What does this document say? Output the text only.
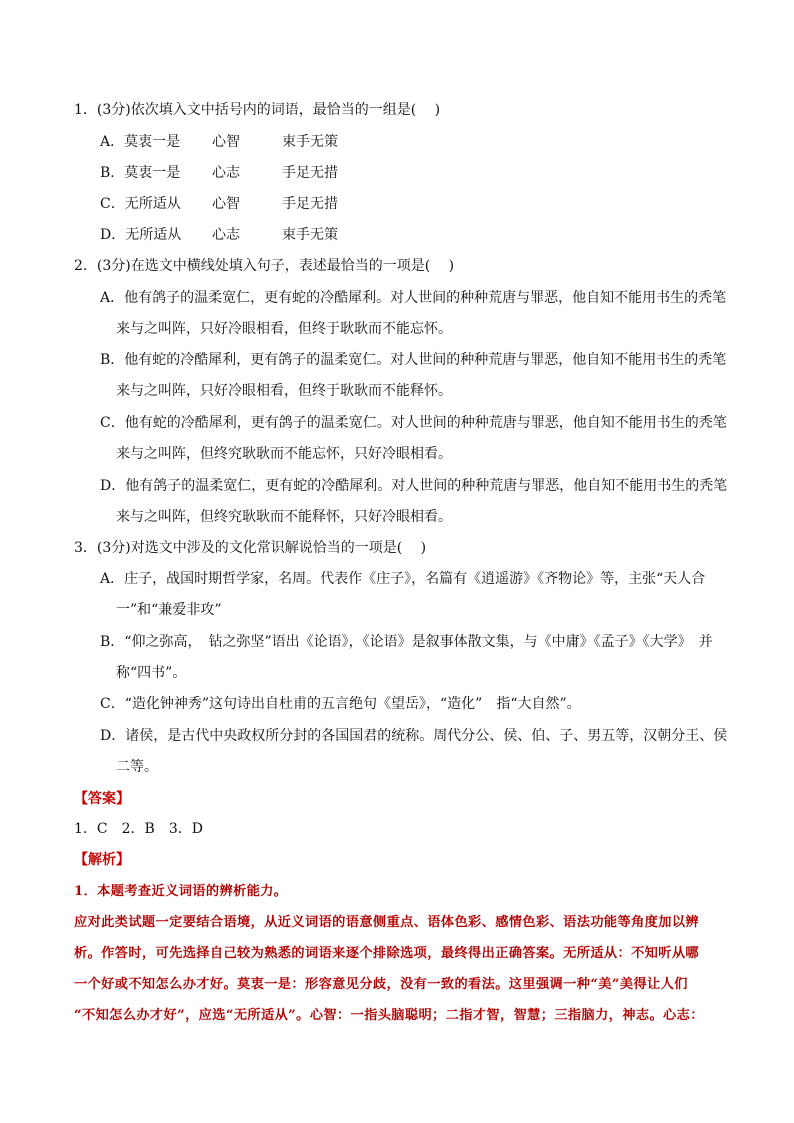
1．(3分)依次填入文中括号内的词语，最恰当的一组是(　 )
A．莫衷一是 心智	束手无策
B．莫衷一是 心志	手足无措
C．无所适从 心智	手足无措
D．无所适从 心志	束手无策
2．(3分)在选文中横线处填入句子，表述最恰当的一项是(　 )
A．他有鸽子的温柔宽仁，更有蛇的冷酷犀利。对人世间的种种荒唐与罪恶，他自知不能用书生的秃笔
来与之叫阵，只好冷眼相看，但终于耿耿而不能忘怀。
B．他有蛇的冷酷犀利，更有鸽子的温柔宽仁。对人世间的种种荒唐与罪恶，他自知不能用书生的秃笔
来与之叫阵，只好冷眼相看，但终于耿耿而不能释怀。
C．他有蛇的冷酷犀利，更有鸽子的温柔宽仁。对人世间的种种荒唐与罪恶，他自知不能用书生的秃笔
来与之叫阵，但终究耿耿而不能忘怀，只好冷眼相看。
D．他有鸽子的温柔宽仁，更有蛇的冷酷犀利。对人世间的种种荒唐与罪恶，他自知不能用书生的秃笔
来与之叫阵，但终究耿耿而不能释怀，只好冷眼相看。
3．(3分)对选文中涉及的文化常识解说恰当的一项是(　 )
A．庄子，战国时期哲学家，名周。代表作《庄子》，名篇有《逍遥游》《齐物论》等，主张“天人合
一”和“兼爱非攻”
B．“仰之弥高，　钻之弥坚”语出《论语》，《论语》是叙事体散文集，与《中庸》《孟子》《大学》　并
称“四书”。
C．“造化钟神秀”这句诗出自杜甫的五言绝句《望岳》，“造化”　指“大自然”。
D．诸侯，是古代中央政权所分封的各国国君的统称。周代分公、侯、伯、子、男五等，汉朝分王、侯
二等。
【答案】
1．C　2．B　3．D
【解析】
1．本题考查近义词语的辨析能力。
应对此类试题一定要结合语境，从近义词语的语意侧重点、语体色彩、感情色彩、语法功能等角度加以辨
析。作答时，可先选择自己较为熟悉的词语来逐个排除选项，最终得出正确答案。无所适从：不知听从哪
一个好或不知怎么办才好。莫衷一是：形容意见分歧，没有一致的看法。这里强调一种“美”美得让人们
“不知怎么办才好”，应选“无所适从”。心智：一指头脑聪明；二指才智，智慧；三指脑力，神志。心志：
